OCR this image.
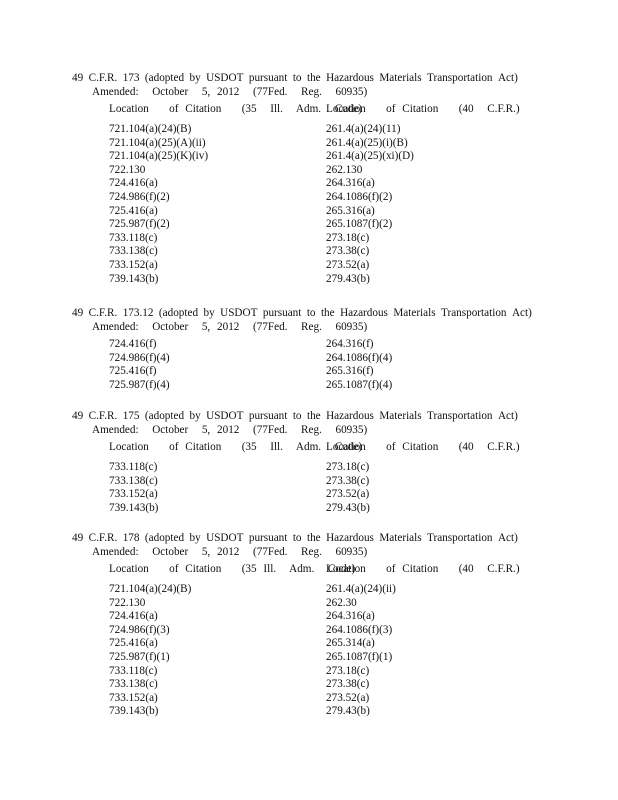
49 C.F.R. 173 (adopted by USDOT pursuant to the Hazardous Materials Transportation Act)
Amended:  October  5, 2012  (77Fed.  Reg.  60935)
Location   of Citation   (35  Ill.  Adm.  Code)
Location   of Citation   (40  C.F.R.)
721.104(a)(24)(B)
721.104(a)(25)(A)(ii)
721.104(a)(25)(K)(iv)
722.130
724.416(a)
724.986(f)(2)
725.416(a)
725.987(f)(2)
733.118(c)
733.138(c)
733.152(a)
739.143(b)
261.4(a)(24)(11)
261.4(a)(25)(i)(B)
261.4(a)(25)(xi)(D)
262.130
264.316(a)
264.1086(f)(2)
265.316(a)
265.1087(f)(2)
273.18(c)
273.38(c)
273.52(a)
279.43(b)
49 C.F.R. 173.12 (adopted by USDOT pursuant to the Hazardous Materials Transportation Act)
Amended:  October  5, 2012  (77Fed.  Reg.  60935)
724.416(f)
724.986(f)(4)
725.416(f)
725.987(f)(4)
264.316(f)
264.1086(f)(4)
265.316(f)
265.1087(f)(4)
49 C.F.R. 175 (adopted by USDOT pursuant to the Hazardous Materials Transportation Act)
Amended:  October  5, 2012  (77Fed.  Reg.  60935)
Location   of Citation   (35  Ill.  Adm.  Code)
Location   of Citation   (40  C.F.R.)
733.118(c)
733.138(c)
733.152(a)
739.143(b)
273.18(c)
273.38(c)
273.52(a)
279.43(b)
49 C.F.R. 178 (adopted by USDOT pursuant to the Hazardous Materials Transportation Act)
Amended:  October  5, 2012  (77Fed.  Reg.  60935)
Location   of Citation   (35 Ill.  Adm.  Code)
Location   of Citation   (40  C.F.R.)
721.104(a)(24)(B)
722.130
724.416(a)
724.986(f)(3)
725.416(a)
725.987(f)(1)
733.118(c)
733.138(c)
733.152(a)
739.143(b)
261.4(a)(24)(ii)
262.30
264.316(a)
264.1086(f)(3)
265.314(a)
265.1087(f)(1)
273.18(c)
273.38(c)
273.52(a)
279.43(b)
